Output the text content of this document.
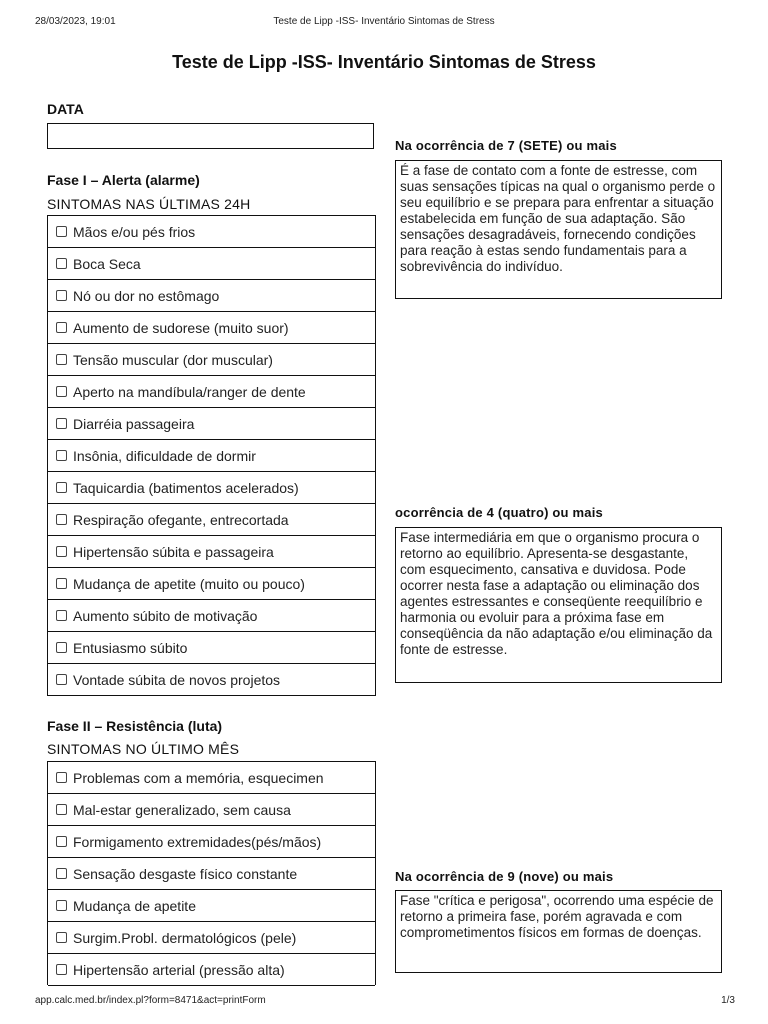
28/03/2023, 19:01	Teste de Lipp -ISS- Inventário Sintomas de Stress
Teste de Lipp -ISS- Inventário Sintomas de Stress
DATA
Fase I – Alerta (alarme)
SINTOMAS NAS ÚLTIMAS 24H
Mãos e/ou pés frios
Boca Seca
Nó ou dor no estômago
Aumento de sudorese (muito suor)
Tensão muscular (dor muscular)
Aperto na mandíbula/ranger de dente
Diarréia passageira
Insônia, dificuldade de dormir
Taquicardia (batimentos acelerados)
Respiração ofegante, entrecortada
Hipertensão súbita e passageira
Mudança de apetite (muito ou pouco)
Aumento súbito de motivação
Entusiasmo súbito
Vontade súbita de novos projetos
Fase II – Resistência (luta)
SINTOMAS NO ÚLTIMO MÊS
Problemas com a memória, esquecimen
Mal-estar generalizado, sem causa
Formigamento extremidades(pés/mãos)
Sensação desgaste físico constante
Mudança de apetite
Surgim.Probl. dermatológicos (pele)
Hipertensão arterial (pressão alta)
Na ocorrência de 7 (SETE) ou mais
É a fase de contato com a fonte de estresse, com suas sensações típicas na qual o organismo perde o seu equilíbrio e se prepara para enfrentar a situação estabelecida em função de sua adaptação. São sensações desagradáveis, fornecendo condições para reação à estas sendo fundamentais para a sobrevivência do indivíduo.
ocorrência de 4 (quatro) ou mais
Fase intermediária em que o organismo procura o retorno ao equilíbrio. Apresenta-se desgastante, com esquecimento, cansativa e duvidosa. Pode ocorrer nesta fase a adaptação ou eliminação dos agentes estressantes e conseqüente reequilíbrio e harmonia ou evoluir para a próxima fase em conseqüência da não adaptação e/ou eliminação da fonte de estresse.
Na ocorrência de 9 (nove) ou mais
Fase "crítica e perigosa", ocorrendo uma espécie de retorno a primeira fase, porém agravada e com comprometimentos físicos em formas de doenças.
app.calc.med.br/index.pl?form=8471&act=printForm	1/3
